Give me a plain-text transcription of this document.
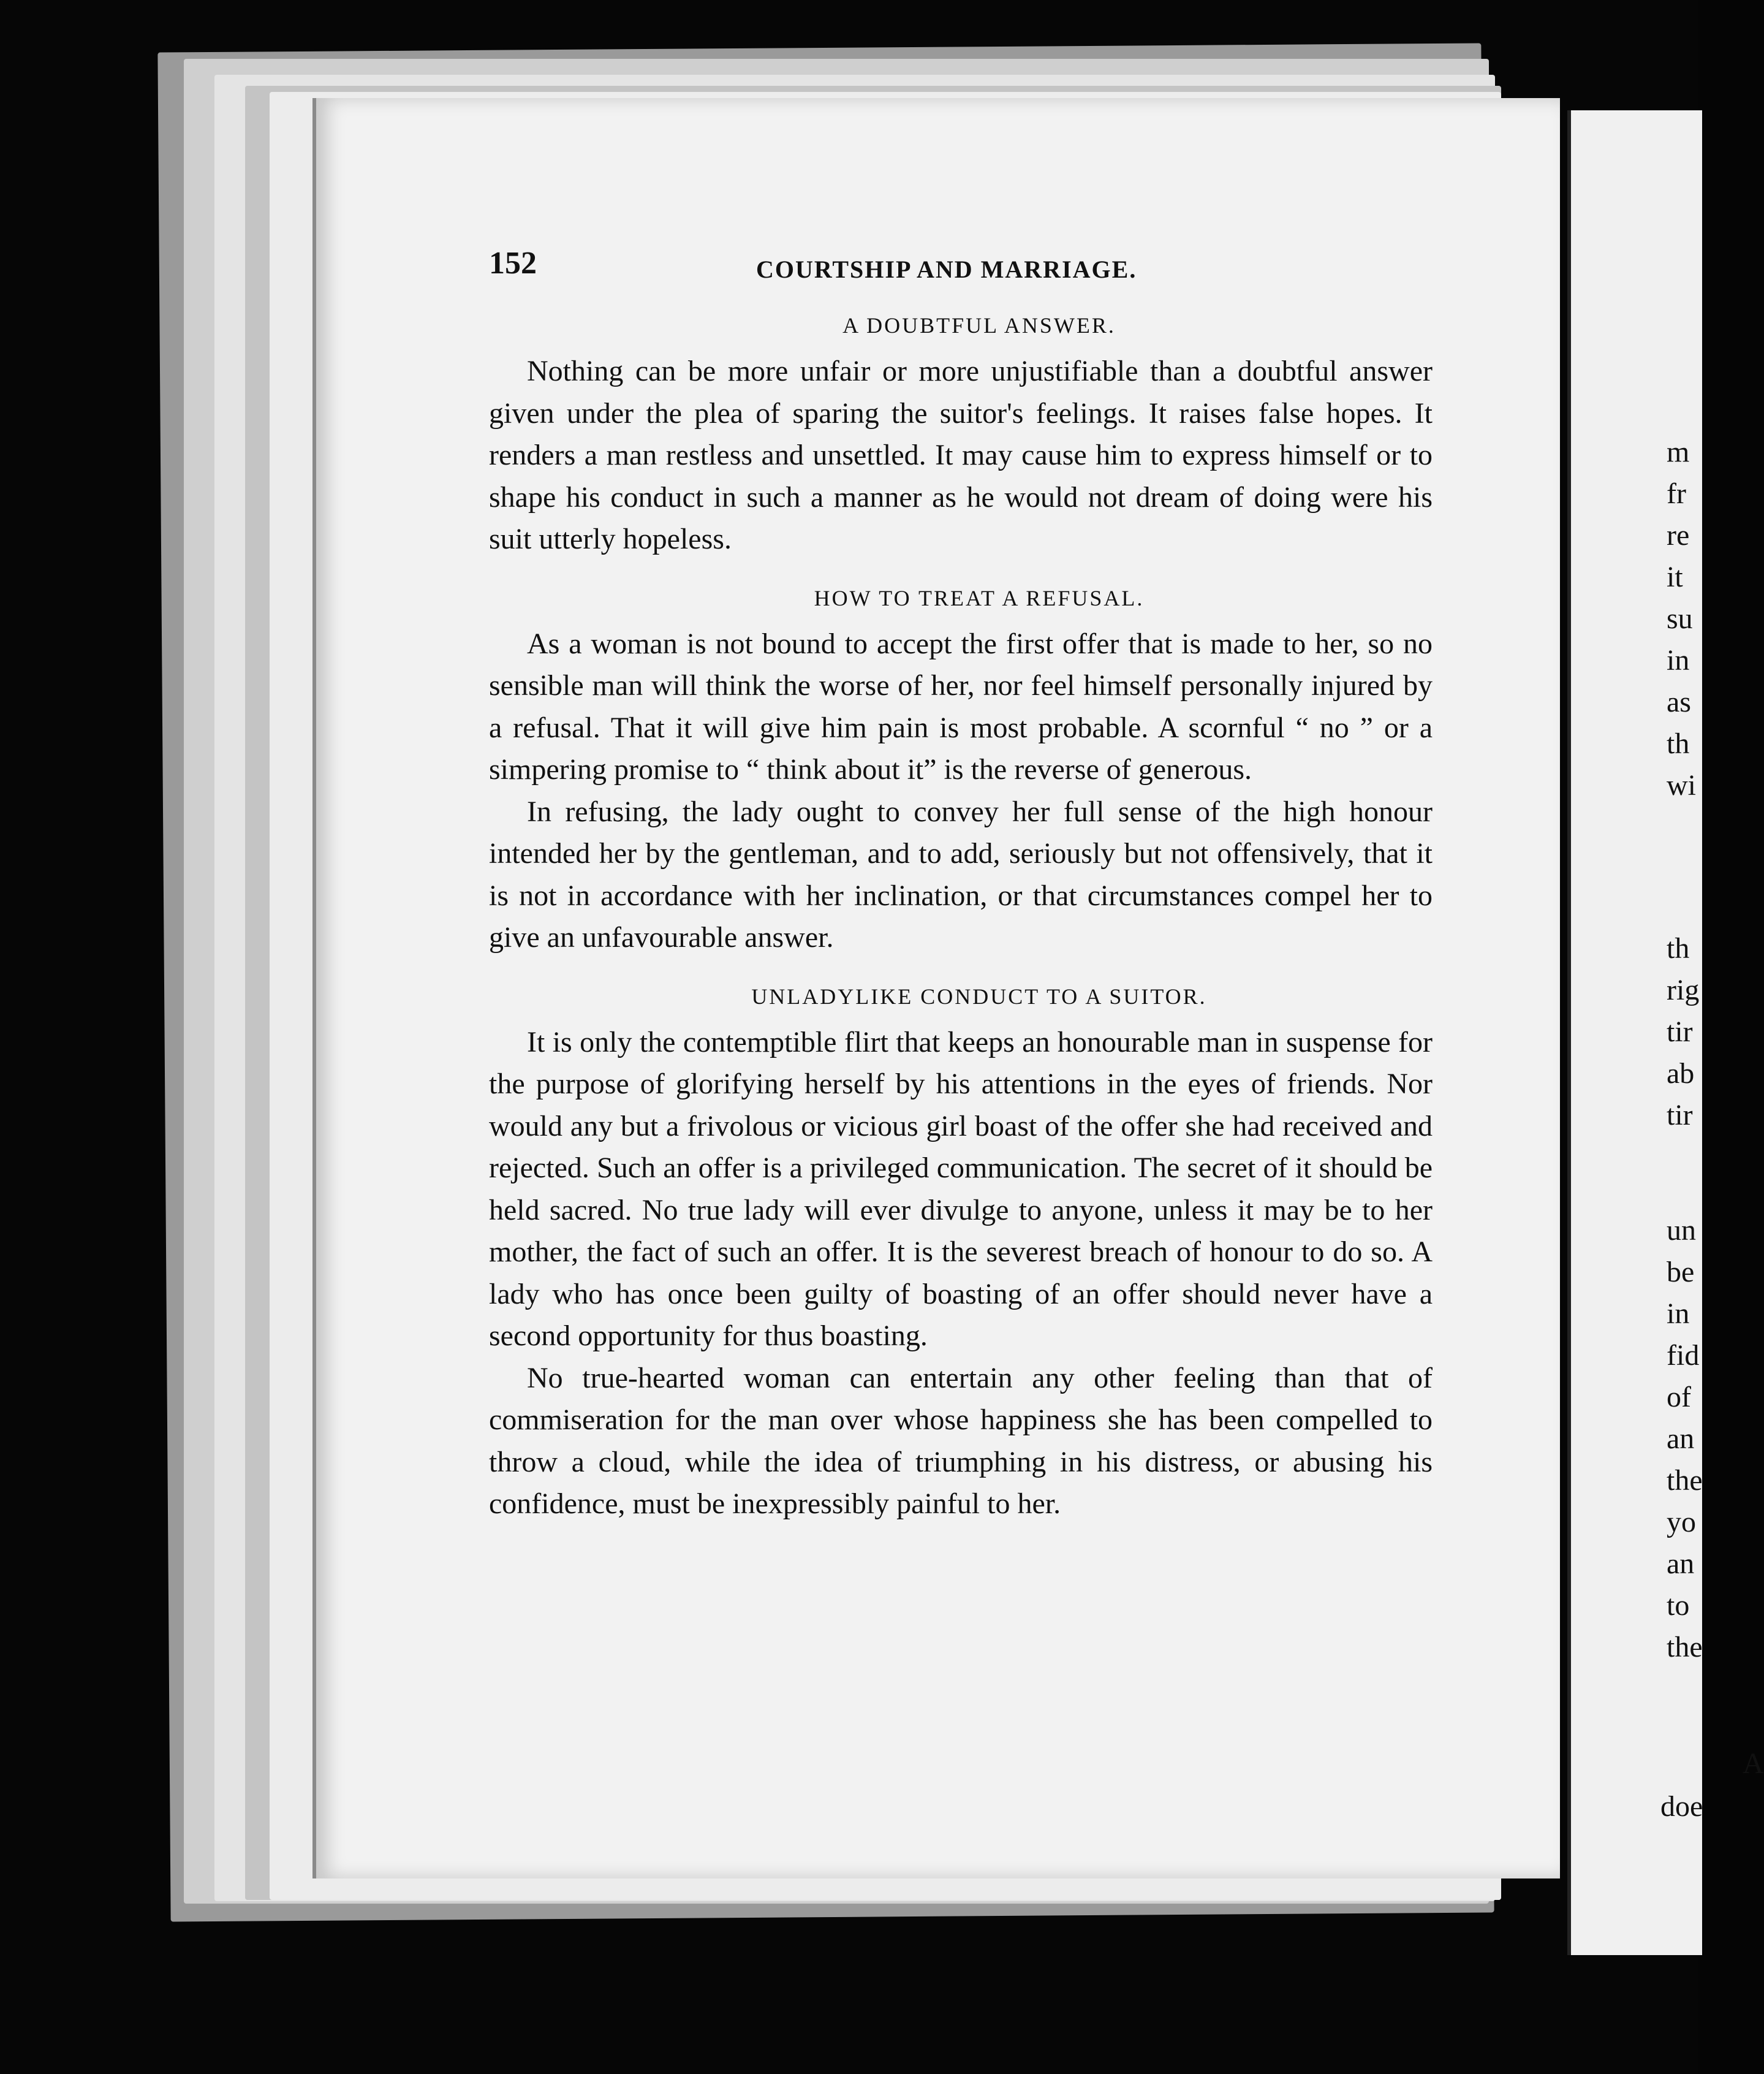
152	COURTSHIP AND MARRIAGE.
A DOUBTFUL ANSWER.

Nothing can be more unfair or more unjustifiable than a doubtful answer given under the plea of sparing the suitor's feelings. It raises false hopes. It renders a man restless and unsettled. It may cause him to express himself or to shape his conduct in such a manner as he would not dream of doing were his suit utterly hopeless.

HOW TO TREAT A REFUSAL.

As a woman is not bound to accept the first offer that is made to her, so no sensible man will think the worse of her, nor feel himself personally injured by a refusal. That it will give him pain is most probable. A scornful “ no ” or a simpering promise to “ think about it” is the reverse of generous.

In refusing, the lady ought to convey her full sense of the high honour intended her by the gentleman, and to add, seriously but not offensively, that it is not in accordance with her inclination, or that circumstances compel her to give an unfavourable answer.

UNLADYLIKE CONDUCT TO A SUITOR.

It is only the contemptible flirt that keeps an honourable man in suspense for the purpose of glorifying herself by his attentions in the eyes of friends. Nor would any but a frivolous or vicious girl boast of the offer she had received and rejected. Such an offer is a privileged communication. The secret of it should be held sacred. No true lady will ever divulge to anyone, unless it may be to her mother, the fact of such an offer. It is the severest breach of honour to do so. A lady who has once been guilty of boasting of an offer should never have a second opportunity for thus boasting.

No true-hearted woman can entertain any other feeling than that of commiseration for the man over whose happiness she has been compelled to throw a cloud, while the idea of triumphing in his distress, or abusing his confidence, must be inexpressibly painful to her.

m
fr
re
it
su
in
as
th
wi
th
rig
tir
ab
tir
un
be
in
fid
of
an
the
yo
an
to
the
A
doe
